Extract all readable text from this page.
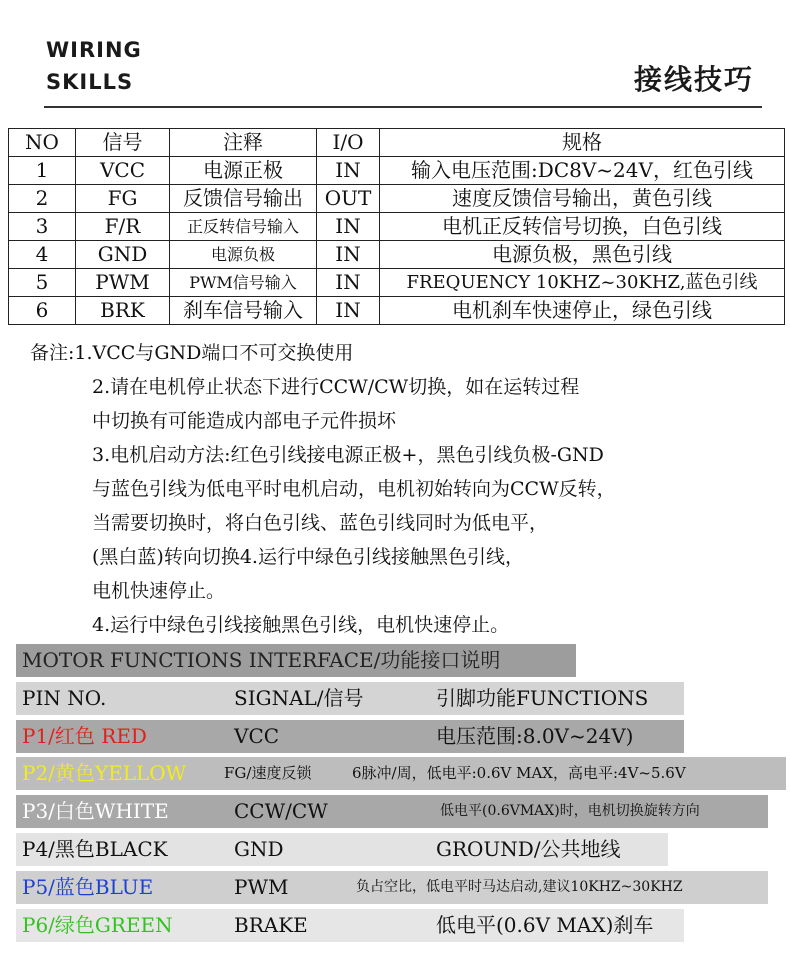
WIRING
SKILLS	接线技巧
NO	信号	注释	I/O	规格
1	VCC	电源正极	IN	输入电压范围:DC8V~24V，红色引线
2	FG	反馈信号输出	OUT	速度反馈信号输出，黄色引线
3	F/R	正反转信号输入	IN	电机正反转信号切换，白色引线
4	GND	电源负极	IN	电源负极，黑色引线
5	PWM	PWM信号输入	IN	FREQUENCY 10KHZ~30KHZ,蓝色引线
6	BRK	刹车信号输入	IN	电机刹车快速停止，绿色引线
备注:1.VCC与GND端口不可交换使用
2.请在电机停止状态下进行CCW/CW切换，如在运转过程
中切换有可能造成内部电子元件损坏
3.电机启动方法:红色引线接电源正极+，黑色引线负极-GND
与蓝色引线为低电平时电机启动，电机初始转向为CCW反转，
当需要切换时，将白色引线、蓝色引线同时为低电平，
(黑白蓝)转向切换4.运行中绿色引线接触黑色引线，
电机快速停止。
4.运行中绿色引线接触黑色引线，电机快速停止。
MOTOR FUNCTIONS INTERFACE/功能接口说明
PIN NO.	SIGNAL/信号	引脚功能FUNCTIONS
P1/红色 RED	VCC	电压范围:8.0V~24V)
P2/黄色YELLOW	FG/速度反锁	6脉冲/周，低电平:0.6V MAX，高电平:4V~5.6V
P3/白色WHITE	CCW/CW	低电平(0.6VMAX)时，电机切换旋转方向
P4/黑色BLACK	GND	GROUND/公共地线
P5/蓝色BLUE	PWM	负占空比，低电平时马达启动,建议10KHZ~30KHZ
P6/绿色GREEN	BRAKE	低电平(0.6V MAX)刹车
